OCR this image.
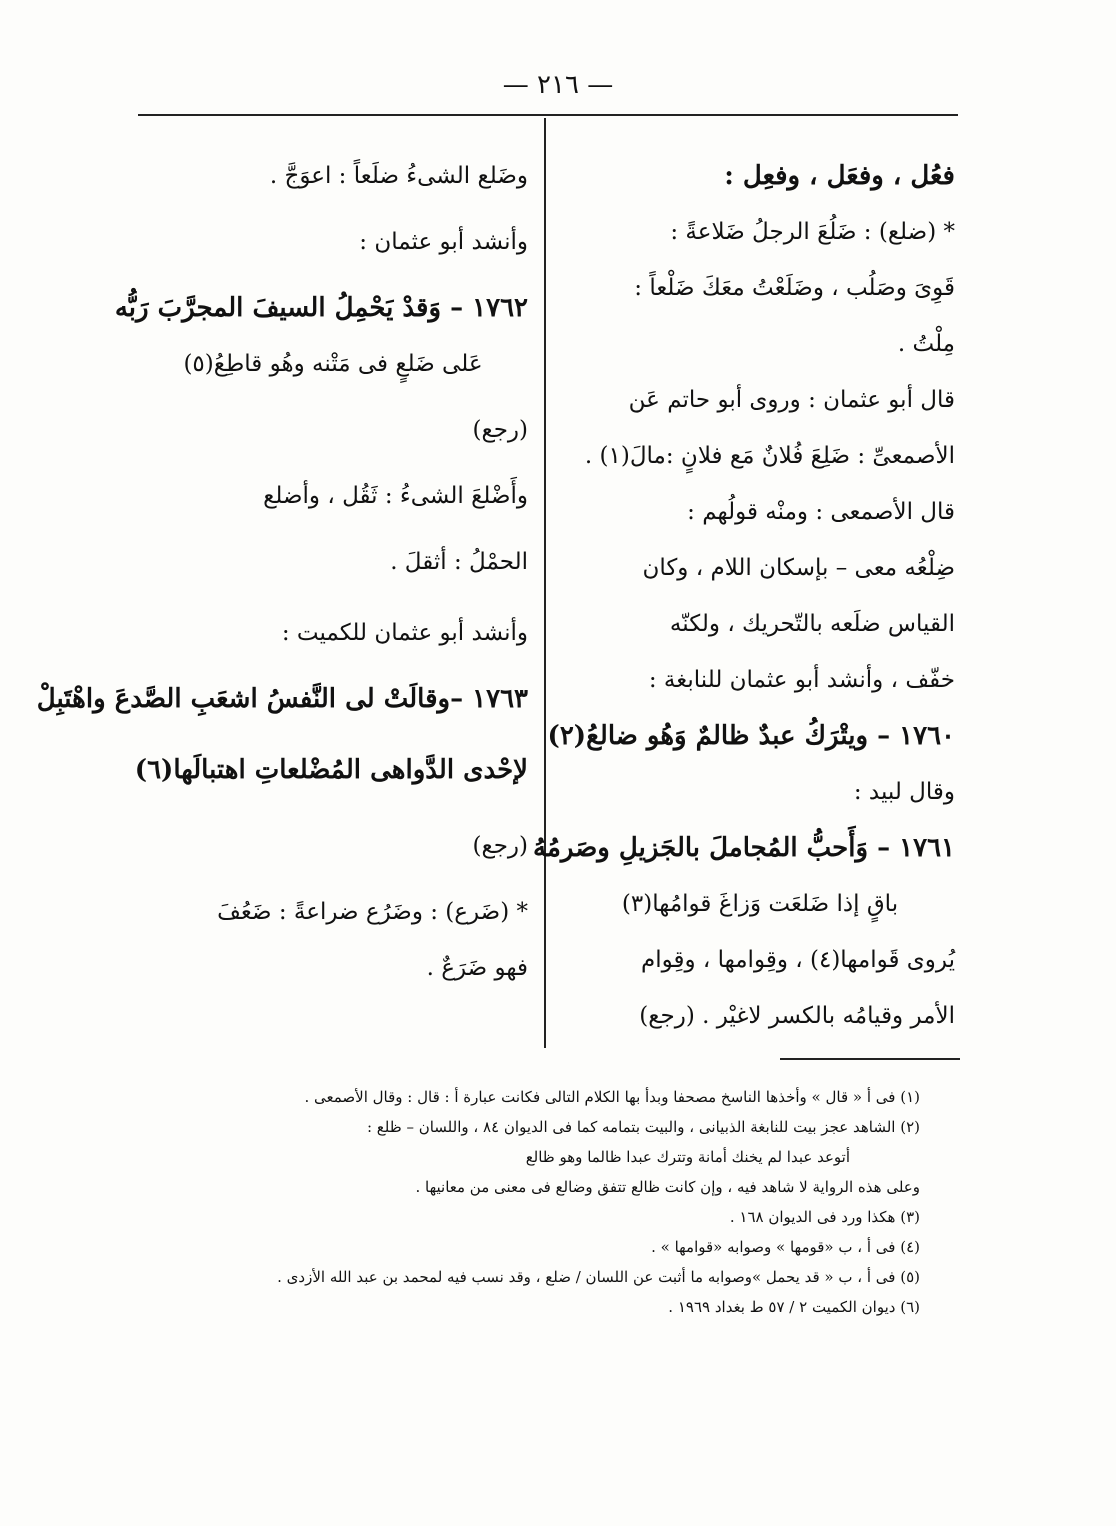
— ٢١٦ —
فعُل ، وفعَل ، وفعِل :
* (ضلع) : ضَلُعَ الرجلُ ضَلاعةً :
قَوِىَ وصَلُب ، وضَلَعْتُ معَكَ ضَلْعاً :
مِلْتُ .
قال أبو عثمان : وروى أبو حاتم عَن
الأصمعىِّ : ضَلِعَ فُلانٌ مَع فلانٍ :مالَ(١) .
قال الأصمعى : ومنْه قولُهم :
ضِلْعُه معى – بإسكان اللام ، وكان
القياس ضلَعه بالتّحريك ، ولكنّه
خفّف ، وأنشد أبو عثمان للنابغة :
١٧٦٠ – ويتْرَكُ عبدٌ ظالمٌ وَهُو ضالعُ(٢)
وقال لبيد :
١٧٦١ – وَأَحبُّ المُجاملَ بالجَزيلِ وصَرمُهُ
باقٍ إذا ضَلعَت وَزاغَ قوامُها(٣)
يُروى قَوامها(٤) ، وقِوامها ، وقِوام
الأمر وقيامُه بالكسر لاغيْر . (رجع)
وضَلع الشىءُ ضلَعاً : اعوَجَّ .
وأنشد أبو عثمان :
١٧٦٢ – وَقدْ يَحْمِلُ السيفَ المجرَّبَ رَبُّه
عَلى ضَلعٍ فى مَتْنه وهُو قاطِعُ(٥)
(رجع)
وأَضْلعَ الشىءُ : ثَقُل ، وأضلع
الحمْلُ : أثقلَ .
وأنشد أبو عثمان للكميت :
١٧٦٣ –وقالَتْ لى النَّفسُ اشعَبِ الصَّدعَ واهْتَبِلْ
لإحْدى الدَّواهى المُضْلعاتِ اهتبالَها(٦)
(رجع)
* (ضَرع) : وضَرُع ضراعةً : ضَعُفَ
فهو ضَرَعٌ .
(١) فى أ « قال » وأخذها الناسخ مصحفا وبدأ بها الكلام التالى فكانت عبارة أ : قال : وقال الأصمعى .
(٢) الشاهد عجز بيت للنابغة الذبيانى ، والبيت بتمامه كما فى الديوان ٨٤ ، واللسان – ظلع :
أتوعد عبدا لم يخنك أمانة وتترك عبدا ظالما وهو ظالع
وعلى هذه الرواية لا شاهد فيه ، وإن كانت ظالع تتفق وضالع فى معنى من معانيها .
(٣) هكذا ورد فى الديوان ١٦٨ .
(٤) فى أ ، ب «قومها » وصوابه «قوامها » .
(٥) فى أ ، ب « قد يحمل »وصوابه ما أثبت عن اللسان / ضلع ، وقد نسب فيه لمحمد بن عبد الله الأزدى .
(٦) ديوان الكميت ٢ / ٥٧ ط بغداد ١٩٦٩ .
